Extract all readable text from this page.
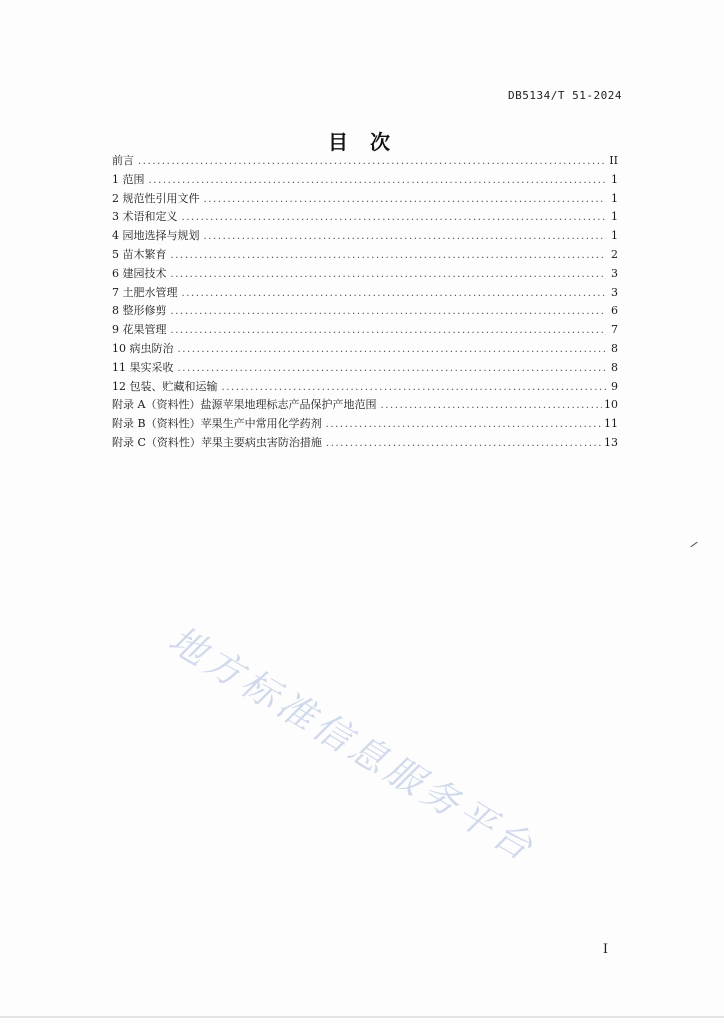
DB5134/T 51-2024
目次
前言 .....	II
1 范围 .....	1
2 规范性引用文件 .....	1
3 术语和定义 .....	1
4 园地选择与规划 .....	1
5 苗木繁育 .....	2
6 建园技术 .....	3
7 土肥水管理 .....	3
8 整形修剪 .....	6
9 花果管理 .....	7
10 病虫防治 .....	8
11 果实采收 .....	8
12 包装、贮藏和运输 .....	9
附录 A（资料性）盐源苹果地理标志产品保护产地范围 .....	10
附录 B（资料性）苹果生产中常用化学药剂 .....	11
附录 C（资料性）苹果主要病虫害防治措施 .....	13
地方标准信息服务平台
I
